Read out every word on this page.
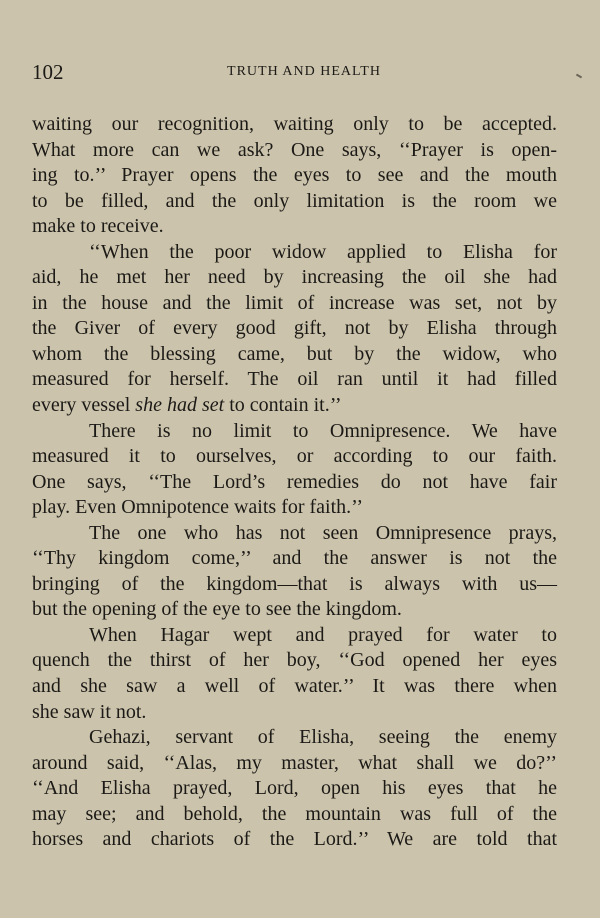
102	TRUTH AND HEALTH
waiting our recognition, waiting only to be accepted.
What more can we ask? One says, ‘‘Prayer is open-
ing to.’’ Prayer opens the eyes to see and the mouth
to be filled, and the only limitation is the room we
make to receive.
‘‘When the poor widow applied to Elisha for
aid, he met her need by increasing the oil she had
in the house and the limit of increase was set, not by
the Giver of every good gift, not by Elisha through
whom the blessing came, but by the widow, who
measured for herself. The oil ran until it had filled
every vessel she had set to contain it.’’
There is no limit to Omnipresence. We have
measured it to ourselves, or according to our faith.
One says, ‘‘The Lord’s remedies do not have fair
play. Even Omnipotence waits for faith.’’
The one who has not seen Omnipresence prays,
‘‘Thy kingdom come,’’ and the answer is not the
bringing of the kingdom—that is always with us—
but the opening of the eye to see the kingdom.
When Hagar wept and prayed for water to
quench the thirst of her boy, ‘‘God opened her eyes
and she saw a well of water.’’ It was there when
she saw it not.
Gehazi, servant of Elisha, seeing the enemy
around said, ‘‘Alas, my master, what shall we do?’’
‘‘And Elisha prayed, Lord, open his eyes that he
may see; and behold, the mountain was full of the
horses and chariots of the Lord.’’ We are told that
